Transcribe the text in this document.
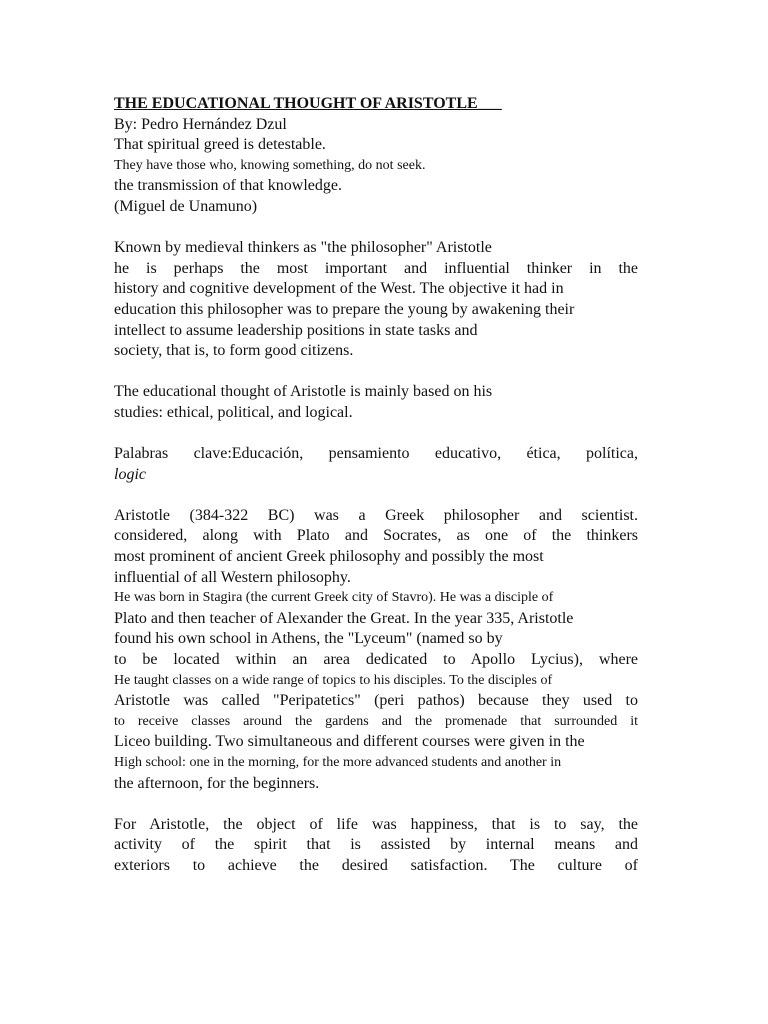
THE EDUCATIONAL THOUGHT OF ARISTOTLE___
By: Pedro Hernández Dzul
That spiritual greed is detestable.
They have those who, knowing something, do not seek.
the transmission of that knowledge.
(Miguel de Unamuno)
Known by medieval thinkers as "the philosopher" Aristotle
he is perhaps the most important and influential thinker in the
history and cognitive development of the West. The objective it had in
education this philosopher was to prepare the young by awakening their
intellect to assume leadership positions in state tasks and
society, that is, to form good citizens.
The educational thought of Aristotle is mainly based on his
studies: ethical, political, and logical.
Palabras clave:Educación, pensamiento educativo, ética, política,
logic
Aristotle (384-322 BC) was a Greek philosopher and scientist.
considered, along with Plato and Socrates, as one of the thinkers
most prominent of ancient Greek philosophy and possibly the most
influential of all Western philosophy.
He was born in Stagira (the current Greek city of Stavro). He was a disciple of
Plato and then teacher of Alexander the Great. In the year 335, Aristotle
found his own school in Athens, the "Lyceum" (named so by
to be located within an area dedicated to Apollo Lycius), where
He taught classes on a wide range of topics to his disciples. To the disciples of
Aristotle was called "Peripatetics" (peri pathos) because they used to
to receive classes around the gardens and the promenade that surrounded it
Liceo building. Two simultaneous and different courses were given in the
High school: one in the morning, for the more advanced students and another in
the afternoon, for the beginners.
For Aristotle, the object of life was happiness, that is to say, the
activity of the spirit that is assisted by internal means and
exteriors to achieve the desired satisfaction. The culture of
